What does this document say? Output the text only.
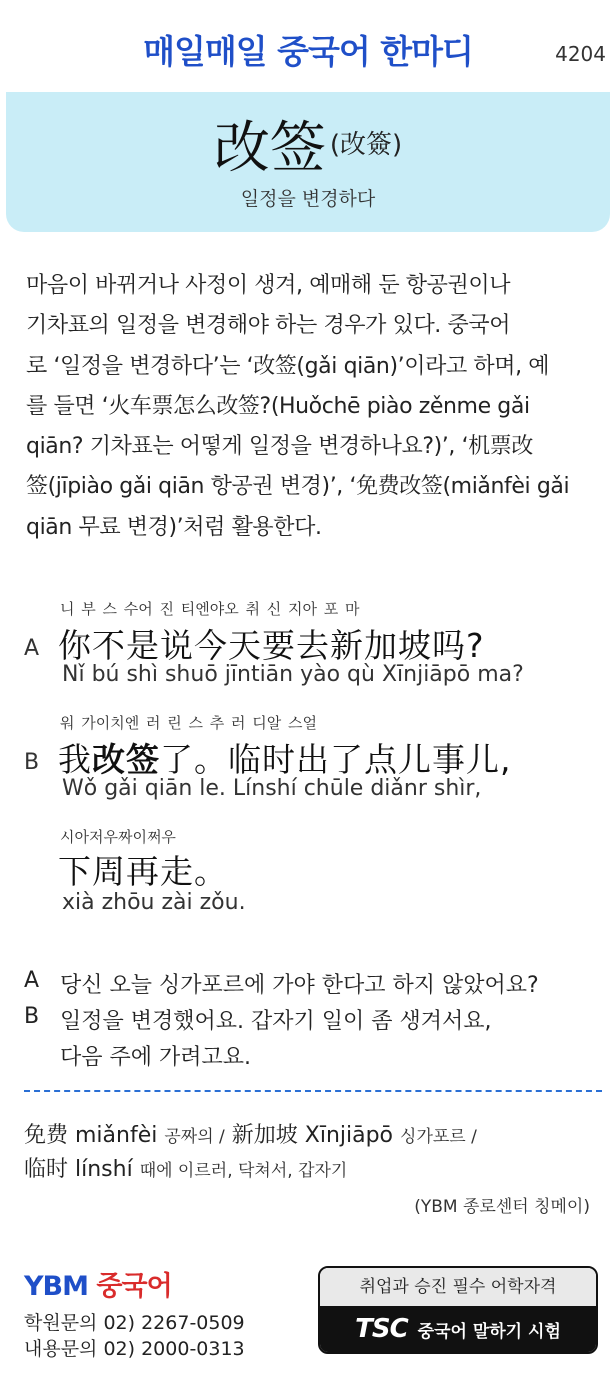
매일매일 중국어 한마디	4204
改签 (改簽)
일정을 변경하다

마음이 바뀌거나 사정이 생겨, 예매해 둔 항공권이나
기차표의 일정을 변경해야 하는 경우가 있다. 중국어
로 ‘일정을 변경하다’는 ‘改签(gǎi qiān)’이라고 하며, 예
를 들면 ‘火车票怎么改签?(Huǒchē piào zěnme gǎi
qiān? 기차표는 어떻게 일정을 변경하나요?)’, ‘机票改
签(jīpiào gǎi qiān 항공권 변경)’, ‘免费改签(miǎnfèi gǎi
qiān 무료 변경)’처럼 활용한다.

니 부 스 수어 진 티엔야오 취 신 지아 포 마
A 你不是说今天要去新加坡吗?
Nǐ bú shì shuō jīntiān yào qù Xīnjiāpō ma?
워 가이치엔 러 린 스 추 러 디알 스얼
B 我改签了。临时出了点儿事儿,
Wǒ gǎi qiān le. Línshí chūle diǎnr shìr,
시아저우짜이쩌우
下周再走。
xià zhōu zài zǒu.
A 당신 오늘 싱가포르에 가야 한다고 하지 않았어요?
B 일정을 변경했어요. 갑자기 일이 좀 생겨서요,
다음 주에 가려고요.
免费 miǎnfèi 공짜의 / 新加坡 Xīnjiāpō 싱가포르 /
临时 línshí 때에 이르러, 닥쳐서, 갑자기
(YBM 종로센터 칭메이)
YBM 중국어
학원문의 02) 2267-0509
내용문의 02) 2000-0313
취업과 승진 필수 어학자격
TSC 중국어 말하기 시험
